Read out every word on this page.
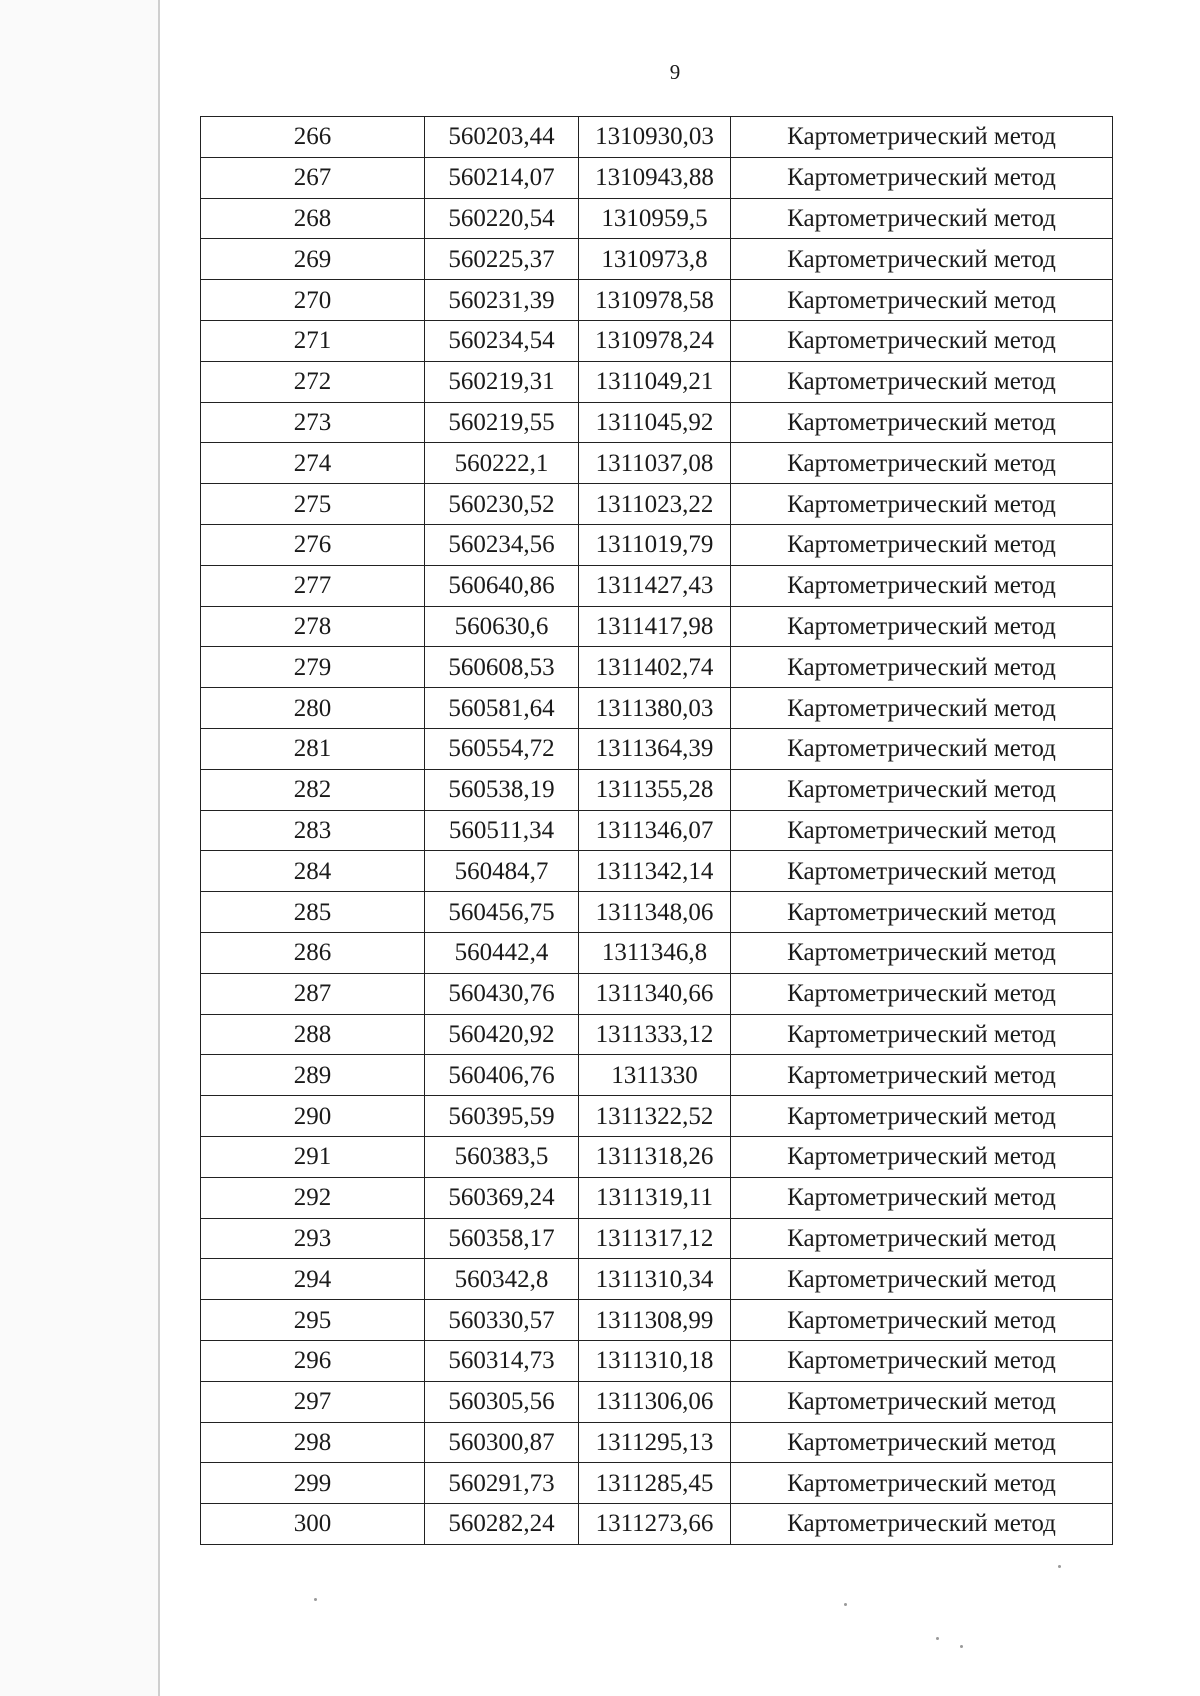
9
266	560203,44	1310930,03	Картометрический метод
267	560214,07	1310943,88	Картометрический метод
268	560220,54	1310959,5	Картометрический метод
269	560225,37	1310973,8	Картометрический метод
270	560231,39	1310978,58	Картометрический метод
271	560234,54	1310978,24	Картометрический метод
272	560219,31	1311049,21	Картометрический метод
273	560219,55	1311045,92	Картометрический метод
274	560222,1	1311037,08	Картометрический метод
275	560230,52	1311023,22	Картометрический метод
276	560234,56	1311019,79	Картометрический метод
277	560640,86	1311427,43	Картометрический метод
278	560630,6	1311417,98	Картометрический метод
279	560608,53	1311402,74	Картометрический метод
280	560581,64	1311380,03	Картометрический метод
281	560554,72	1311364,39	Картометрический метод
282	560538,19	1311355,28	Картометрический метод
283	560511,34	1311346,07	Картометрический метод
284	560484,7	1311342,14	Картометрический метод
285	560456,75	1311348,06	Картометрический метод
286	560442,4	1311346,8	Картометрический метод
287	560430,76	1311340,66	Картометрический метод
288	560420,92	1311333,12	Картометрический метод
289	560406,76	1311330	Картометрический метод
290	560395,59	1311322,52	Картометрический метод
291	560383,5	1311318,26	Картометрический метод
292	560369,24	1311319,11	Картометрический метод
293	560358,17	1311317,12	Картометрический метод
294	560342,8	1311310,34	Картометрический метод
295	560330,57	1311308,99	Картометрический метод
296	560314,73	1311310,18	Картометрический метод
297	560305,56	1311306,06	Картометрический метод
298	560300,87	1311295,13	Картометрический метод
299	560291,73	1311285,45	Картометрический метод
300	560282,24	1311273,66	Картометрический метод
